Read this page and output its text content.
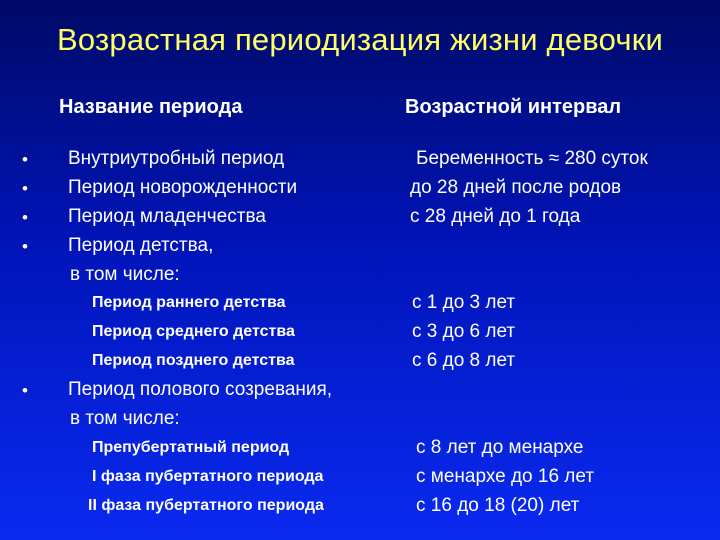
Возрастная периодизация жизни девочки
Название периода	Возрастной интервал
• Внутриутробный период	Беременность ≈ 280 суток
• Период новорожденности	до 28 дней после родов
• Период младенчества	с 28 дней до 1 года
• Период детства,
в том числе:
Период раннего детства	с 1 до 3 лет
Период среднего детства	с 3 до 6 лет
Период позднего детства	с 6 до 8 лет
• Период полового созревания,
в том числе:
Препубертатный период	с 8 лет до менархе
I фаза пубертатного периода	с менархе до 16 лет
II фаза пубертатного периода	с 16 до 18 (20) лет
